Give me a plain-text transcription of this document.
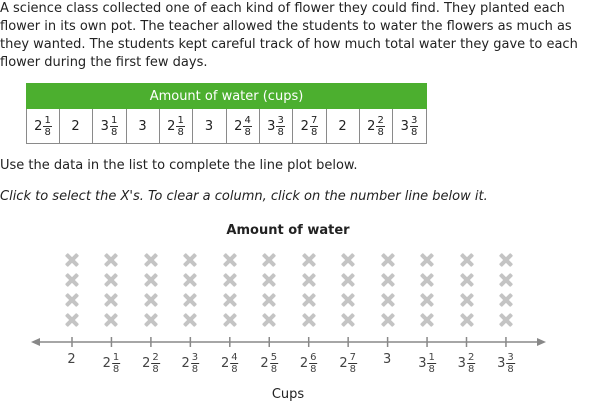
A science class collected one of each kind of flower they could find. They planted each flower in its own pot. The teacher allowed the students to water the flowers as much as they wanted. The students kept careful track of how much total water they gave to each flower during the first few days.

Amount of water (cups)

$2 \frac{1}{8}$	2	$3 \frac{1}{8}$	3	$2 \frac{1}{8}$	3	$2 \frac{4}{8}$	$3 \frac{3}{8}$	$2 \frac{7}{8}$	2	$2 \frac{2}{8}$	$3 \frac{3}{8}$

Use the data in the list to complete the line plot below.

Click to select the X's. To clear a column, click on the number line below it.

Amount of water
Cups
2 $2 \frac{1}{8} 2 \frac{2}{8} 2 \frac{3}{8} 2 \frac{4}{8} 2 \frac{5}{8} 2 \frac{6}{8} 2 \frac{7}{8} 3$ $3 \frac{1}{8} 3 \frac{2}{8} 3 \frac{3}{8}$
